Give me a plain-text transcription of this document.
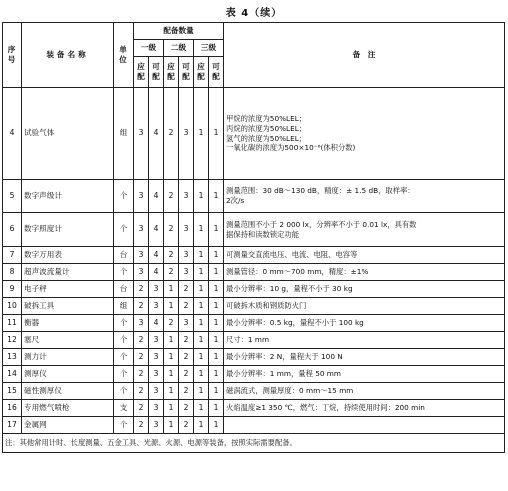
表 4（续）
序号	装备名称	单位	配备数量						备　注
			一级		二级		三级		
			应配	可配	应配	可配	应配	可配	
4	试验气体	组	3	4	2	3	1	1	甲烷的浓度为50%LEL；
丙烷的浓度为50%LEL；
氢气的浓度为50%LEL；
一氧化碳的浓度为500×10⁻⁶(体积分数)

5	数字声级计	个	3	4	2	3	1	1	测量范围：30 dB～130 dB，精度：± 1.5 dB，取样率：
2次/s

6	数字照度计	个	3	4	2	3	1	1	测量范围不小于 2 000 lx，分辨率不小于 0.01 lx，具有数
据保持和读数锁定功能

7	数字万用表	台	3	4	2	3	1	1	可测量交直流电压、电流、电阻、电容等

8	超声波流量计	个	3	4	2	3	1	1	测量管径：0 mm～700 mm，精度：±1%

9	电子秤	台	2	3	1	2	1	1	最小分辨率：10 g，量程不小于 30 kg

10	破拆工具	组	2	3	1	2	1	1	可破拆木质和钢质防火门

11	衡器	个	3	4	2	3	1	1	最小分辨率：0.5 kg，量程不小于 100 kg

12	塞尺	个	2	3	1	2	1	1	尺寸：1 mm

13	测力计	个	2	3	1	2	1	1	最小分辨率：2 N，量程大于 100 N

14	测厚仪	个	2	3	1	2	1	1	最小分辨率：1 mm，量程 50 mm

15	磁性测厚仪	个	2	3	1	2	1	1	磁涡流式，测量厚度：0 mm～15 mm

16	专用燃气喷枪	支	2	3	1	2	1	1	火焰温度≥1 350 ℃，燃气：丁烷，持续使用时间：200 min

17	金属网	个	2	3	1	2	1	1	

注：其他常用计时、长度测量、五金工具、光源、火源、电源等装备，按照实际需要配备。									
